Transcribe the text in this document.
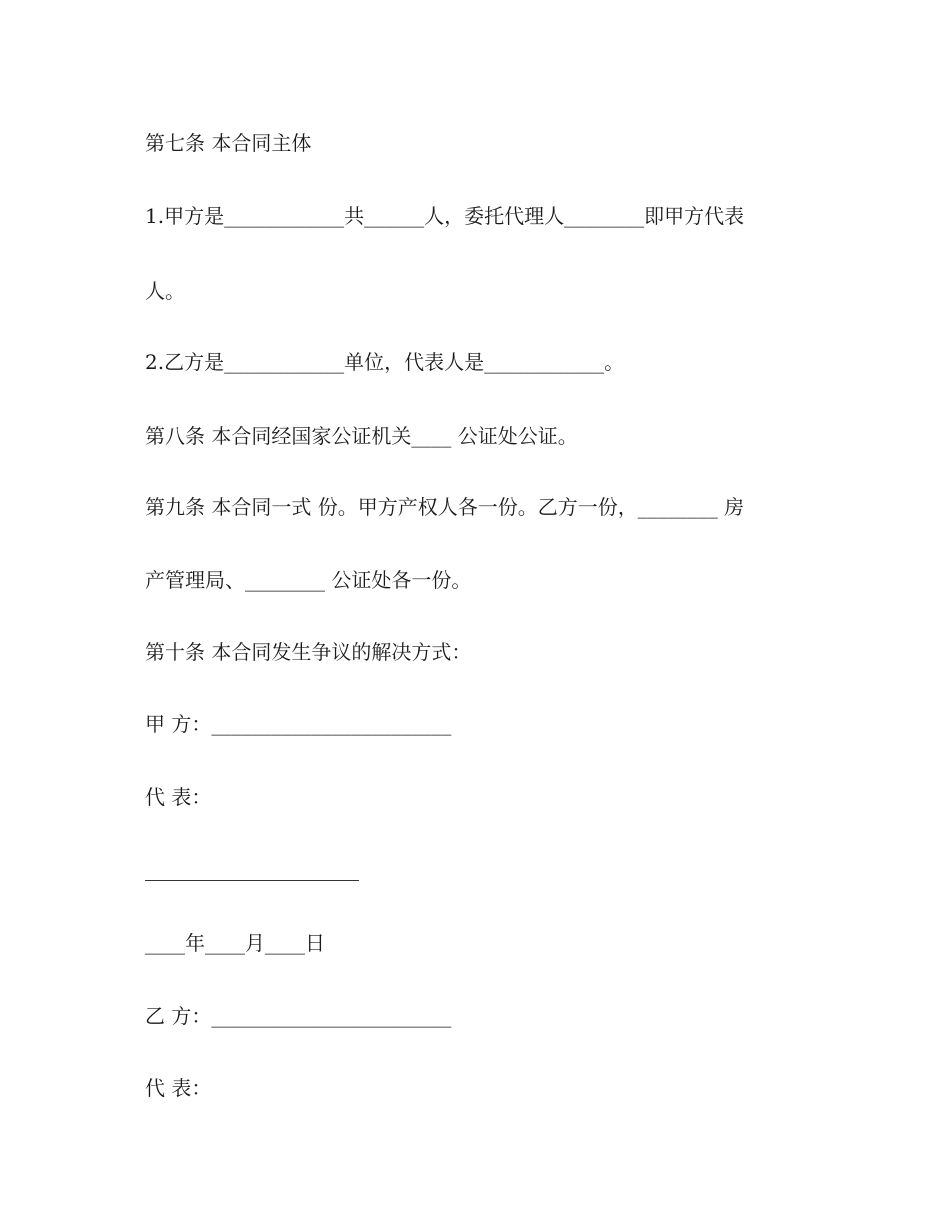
第七条 本合同主体
1.甲方是____________共______人，委托代理人________即甲方代表
人。
2.乙方是____________单位，代表人是____________。
第八条 本合同经国家公证机关____ 公证处公证。
第九条 本合同一式 份。甲方产权人各一份。乙方一份，________ 房
产管理局、________ 公证处各一份。
第十条 本合同发生争议的解决方式：
甲 方：________________________
代 表：
____年____月____日
乙 方：________________________
代 表：
